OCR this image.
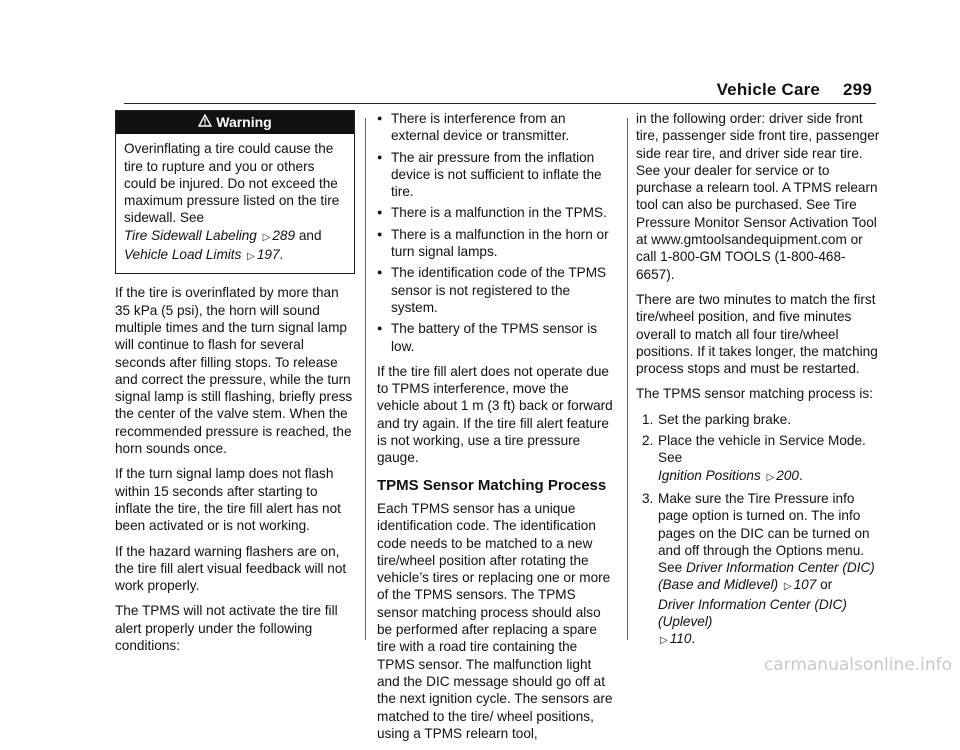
Vehicle Care 299
Warning
Overinflating a tire could cause the tire to rupture and you or others could be injured. Do not exceed the maximum pressure listed on the tire sidewall. See
Tire Sidewall Labeling ▷ 289 and
Vehicle Load Limits ▷ 197.

If the tire is overinflated by more than 35 kPa (5 psi), the horn will sound multiple times and the turn signal lamp will continue to flash for several seconds after filling stops. To release and correct the pressure, while the turn signal lamp is still flashing, briefly press the center of the valve stem. When the recommended pressure is reached, the horn sounds once.

If the turn signal lamp does not flash within 15 seconds after starting to inflate the tire, the tire fill alert has not been activated or is not working.

If the hazard warning flashers are on, the tire fill alert visual feedback will not work properly.

The TPMS will not activate the tire fill alert properly under the following conditions:

● There is interference from an external device or transmitter.
● The air pressure from the inflation device is not sufficient to inflate the tire.
● There is a malfunction in the TPMS.
● There is a malfunction in the horn or turn signal lamps.
● The identification code of the TPMS sensor is not registered to the system.
● The battery of the TPMS sensor is low.

If the tire fill alert does not operate due to TPMS interference, move the vehicle about 1 m (3 ft) back or forward and try again. If the tire fill alert feature is not working, use a tire pressure gauge.

TPMS Sensor Matching Process

Each TPMS sensor has a unique identification code. The identification code needs to be matched to a new tire/wheel position after rotating the vehicle’s tires or replacing one or more of the TPMS sensors. The TPMS sensor matching process should also be performed after replacing a spare tire with a road tire containing the TPMS sensor. The malfunction light and the DIC message should go off at the next ignition cycle. The sensors are matched to the tire/ wheel positions, using a TPMS relearn tool,

in the following order: driver side front tire, passenger side front tire, passenger side rear tire, and driver side rear tire. See your dealer for service or to purchase a relearn tool. A TPMS relearn tool can also be purchased. See Tire Pressure Monitor Sensor Activation Tool at www.gmtoolsandequipment.com or call 1-800-GM TOOLS (1-800-468-6657).

There are two minutes to match the first tire/wheel position, and five minutes overall to match all four tire/wheel positions. If it takes longer, the matching process stops and must be restarted.

The TPMS sensor matching process is:

1. Set the parking brake.
2. Place the vehicle in Service Mode. See
Ignition Positions ▷ 200.
3. Make sure the Tire Pressure info page option is turned on. The info pages on the DIC can be turned on and off through the Options menu. See Driver Information Center (DIC) (Base and Midlevel) ▷ 107 or
Driver Information Center (DIC) (Uplevel)
▷ 110.
carmanualsonline.info
